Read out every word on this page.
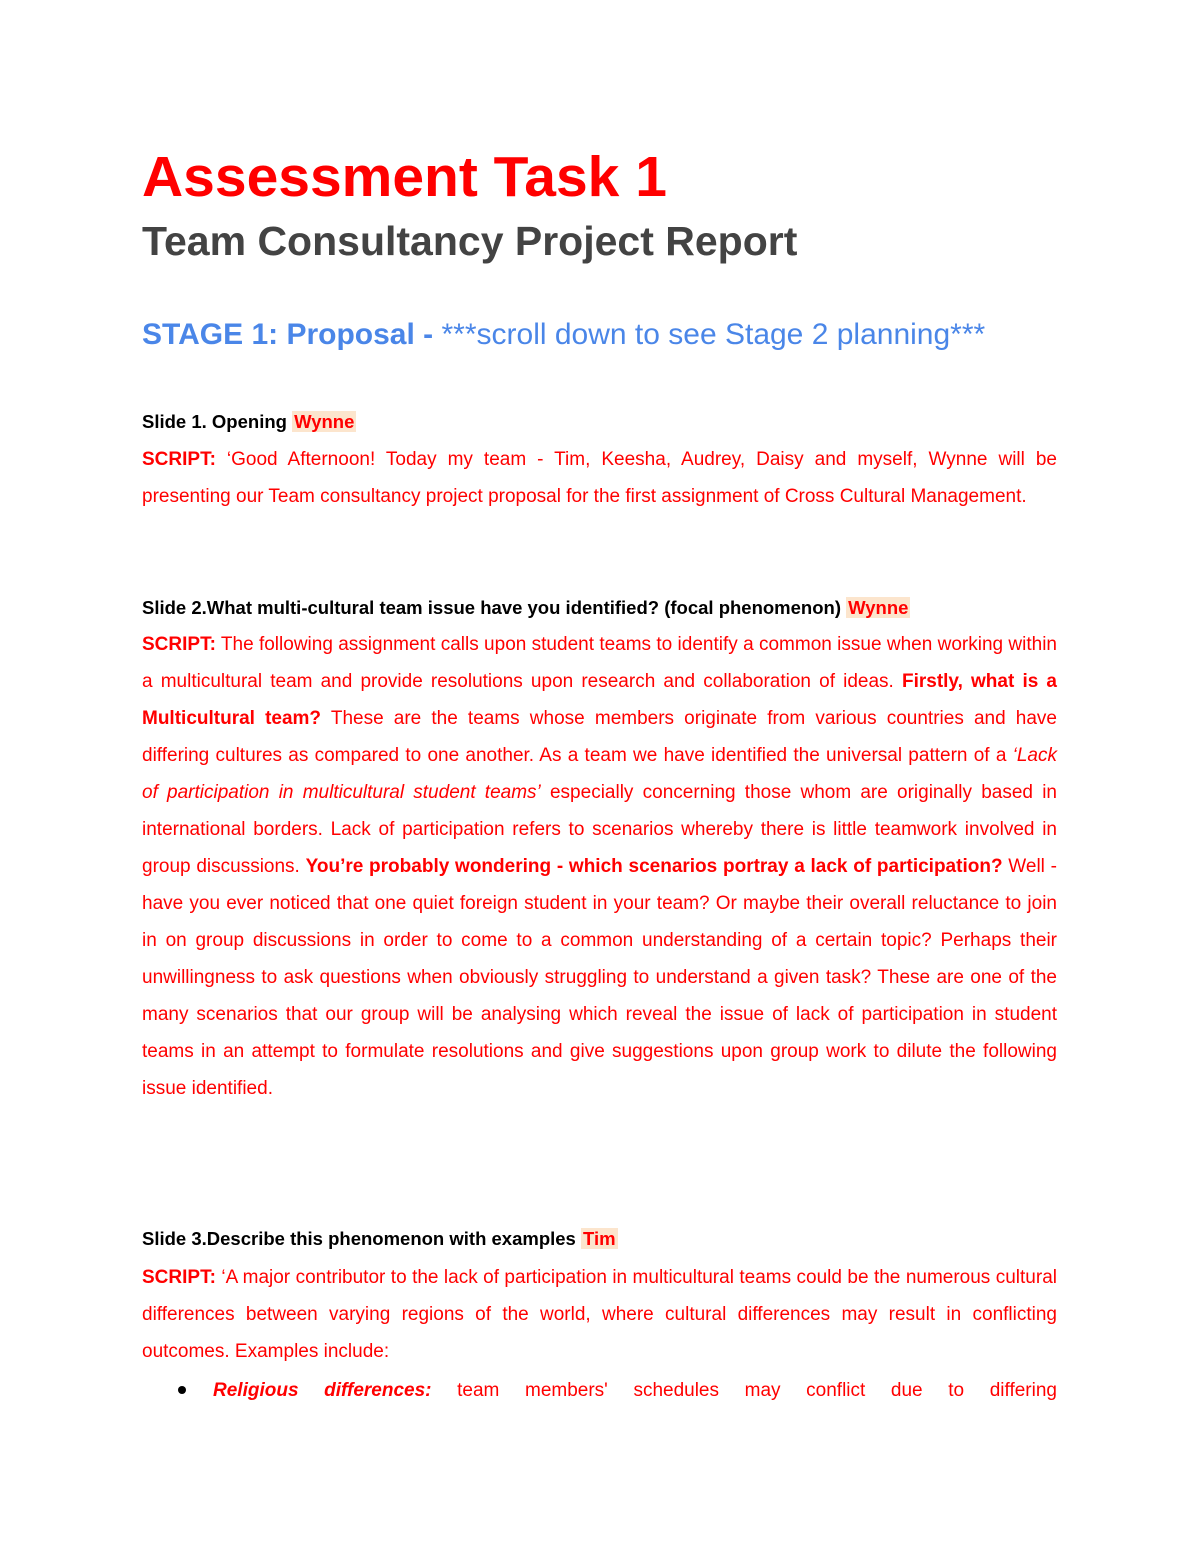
Assessment Task 1
Team Consultancy Project Report
STAGE 1: Proposal - ***scroll down to see Stage 2 planning***
Slide 1. Opening Wynne

SCRIPT: ‘Good Afternoon! Today my team - Tim, Keesha, Audrey, Daisy and myself, Wynne will be presenting our Team consultancy project proposal for the first assignment of Cross Cultural Management.

Slide 2.What multi-cultural team issue have you identified? (focal phenomenon) Wynne

SCRIPT: The following assignment calls upon student teams to identify a common issue when working within a multicultural team and provide resolutions upon research and collaboration of ideas. Firstly, what is a Multicultural team? These are the teams whose members originate from various countries and have differing cultures as compared to one another. As a team we have identified the universal pattern of a ‘Lack of participation in multicultural student teams’ especially concerning those whom are originally based in international borders. Lack of participation refers to scenarios whereby there is little teamwork involved in group discussions. You’re probably wondering - which scenarios portray a lack of participation? Well - have you ever noticed that one quiet foreign student in your team? Or maybe their overall reluctance to join in on group discussions in order to come to a common understanding of a certain topic? Perhaps their unwillingness to ask questions when obviously struggling to understand a given task? These are one of the many scenarios that our group will be analysing which reveal the issue of lack of participation in student teams in an attempt to formulate resolutions and give suggestions upon group work to dilute the following issue identified.

Slide 3.Describe this phenomenon with examples Tim

SCRIPT: ‘A major contributor to the lack of participation in multicultural teams could be the numerous cultural differences between varying regions of the world, where cultural differences may result in conflicting outcomes. Examples include:

Religious differences: team members' schedules may conflict due to differing
